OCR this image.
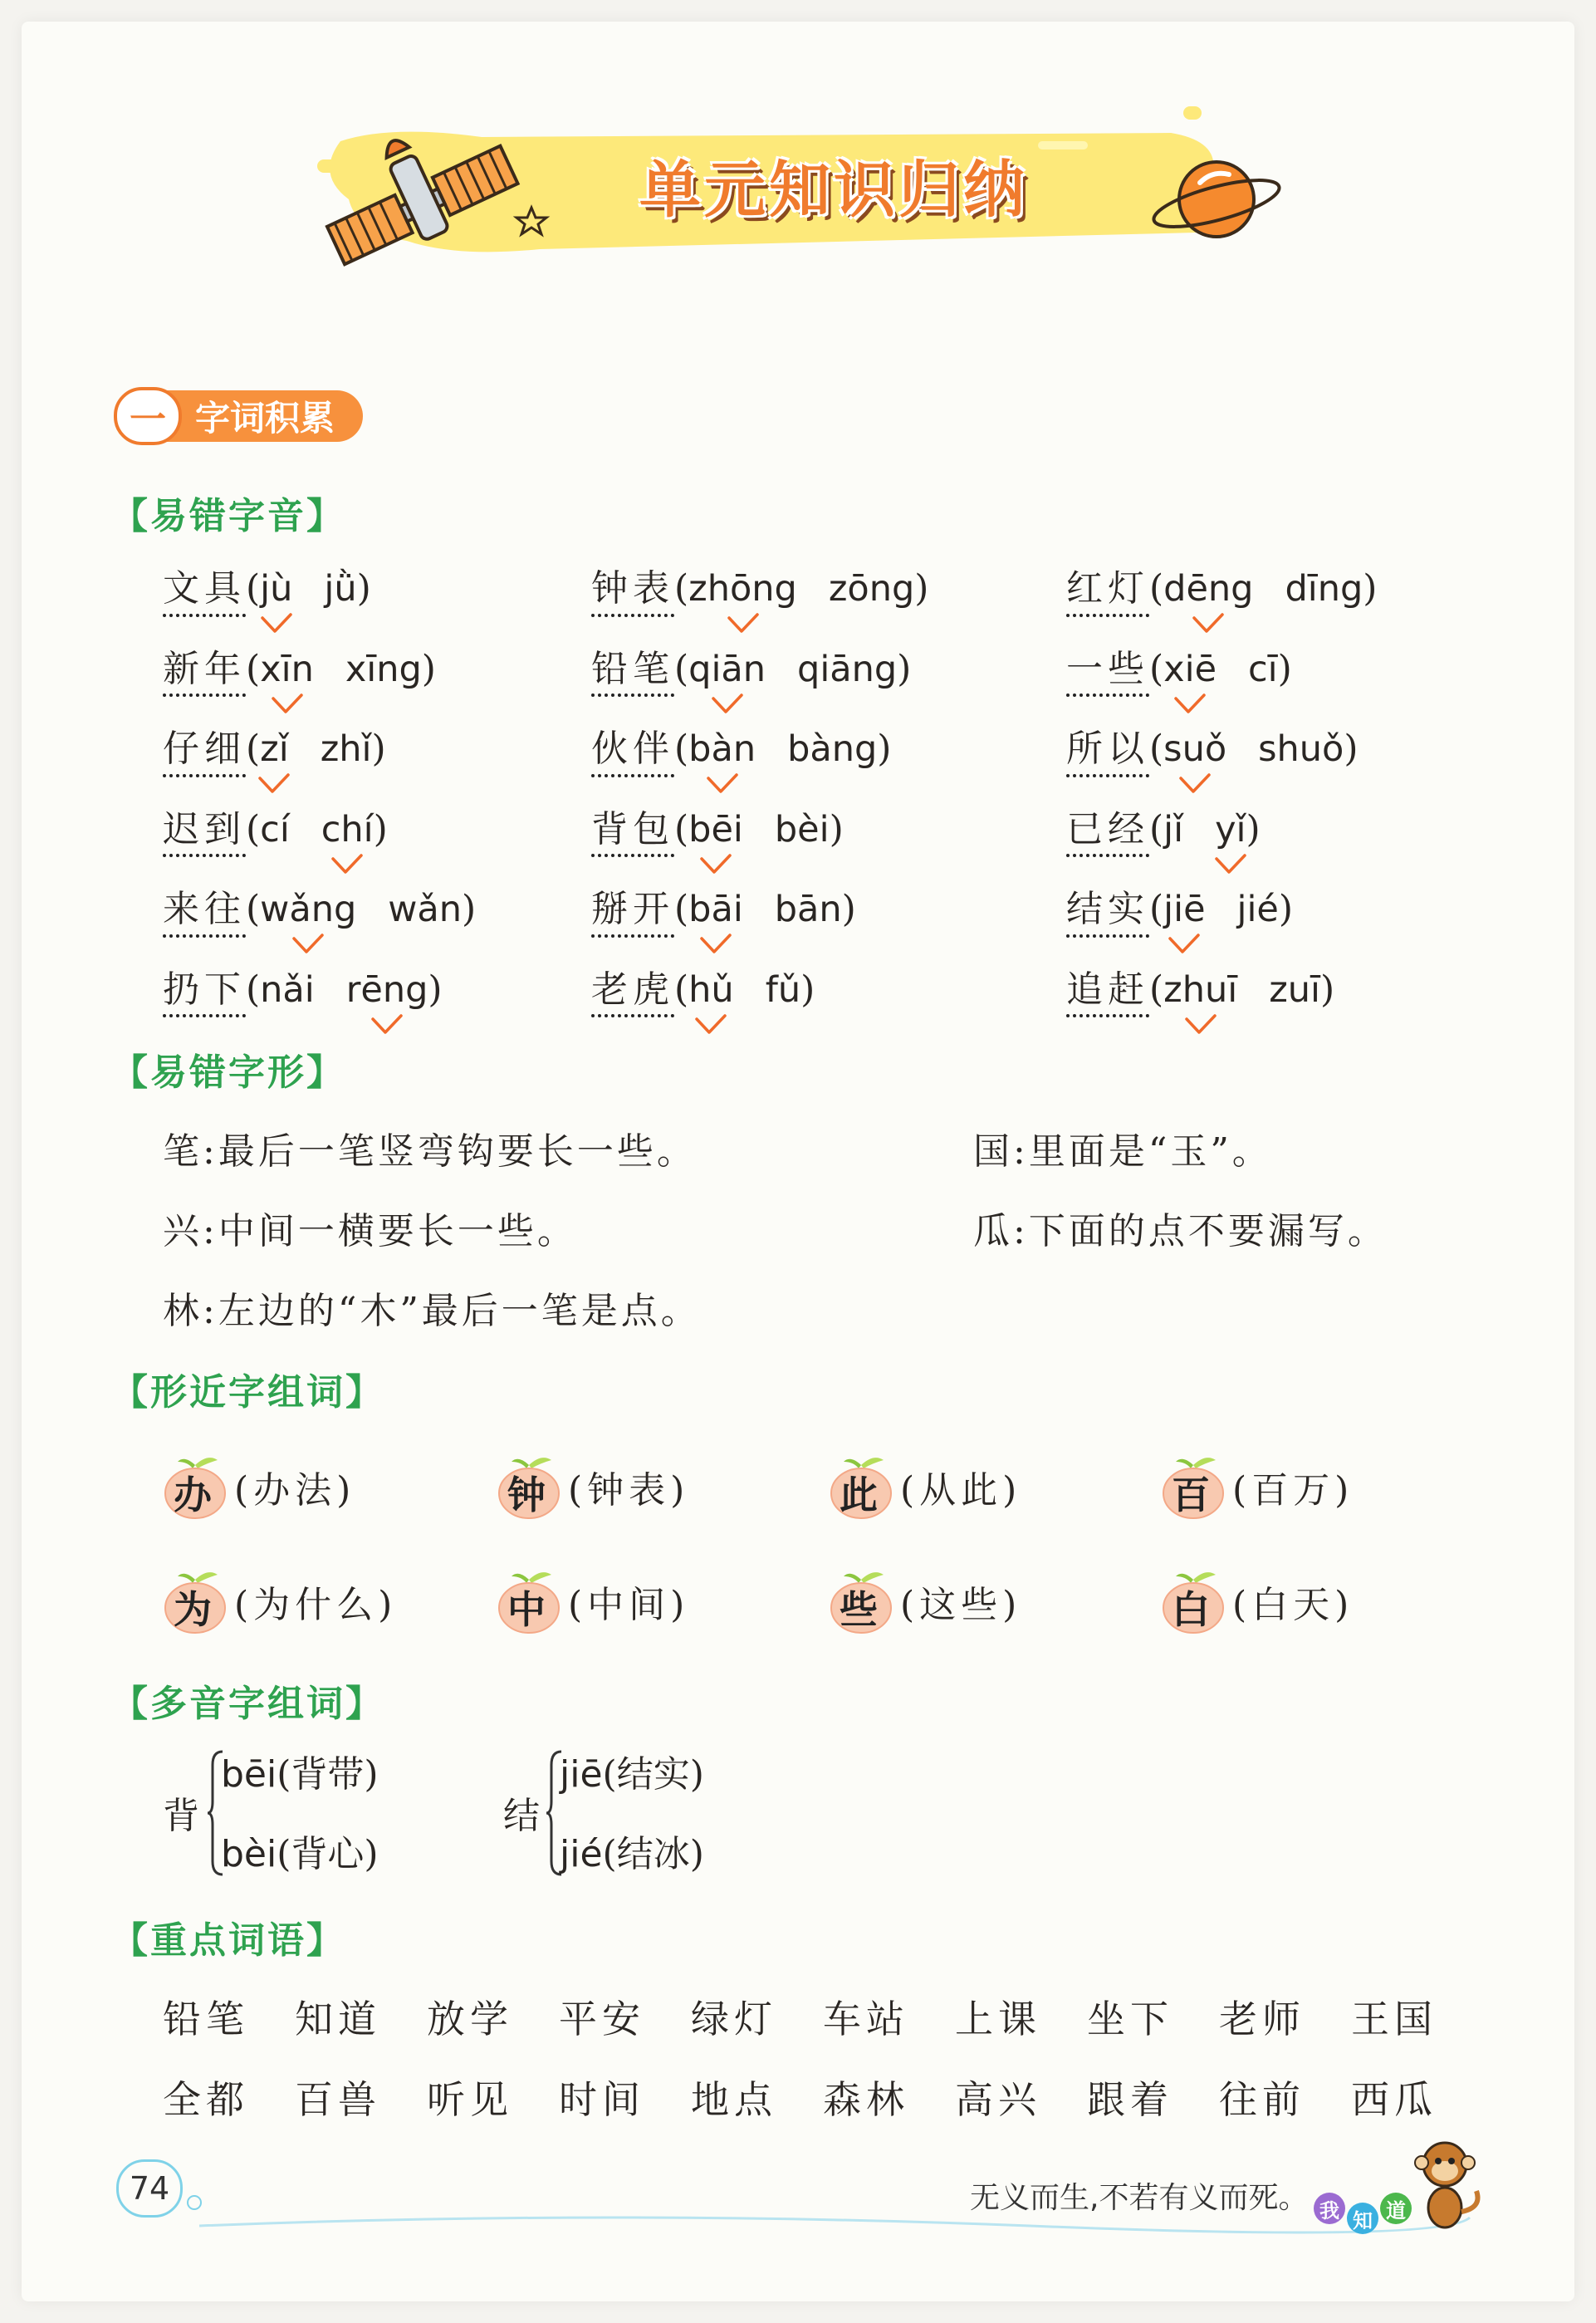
单元知识归纳
一 字词积累
【易错字音】
【易错字形】
【形近字组词】
【多音字组词】
【重点词语】
文具 ( jù jǜ )	钟表 ( zhōng zōng )	红灯 ( dēng dīng )
新年 ( xīn xīng )	铅笔 ( qiān qiāng )	一些 ( xiē cī )
仔细 ( zǐ zhǐ )	伙伴 ( bàn bàng )	所以 ( suǒ shuǒ )
迟到 ( cí chí )	背包 ( bēi bèi )	已经 ( jǐ yǐ )
来往 ( wǎng wǎn )	掰开 ( bāi bān )	结实 ( jiē jié )
扔下 ( nǎi rēng )	老虎 ( hǔ fǔ )	追赶 ( zhuī zuī )
笔:最后一笔竖弯钩要长一些。	国:里面是“玉”。
兴:中间一横要长一些。	瓜:下面的点不要漏写。
林:左边的“木”最后一笔是点。
办 (办法)	钟 (钟表)	此 (从此)	百 (百万)
为 (为什么)	中 (中间)	些 (这些)	白 (白天)
背
bēi(背带)
bèi(背心)
结
jiē(结实)
jié(结冰)
铅笔	知道	放学	平安	绿灯	车站	上课	坐下	老师	王国
全都	百兽	听见	时间	地点	森林	高兴	跟着	往前	西瓜
74	无义而生,不若有义而死。 我 知 道
